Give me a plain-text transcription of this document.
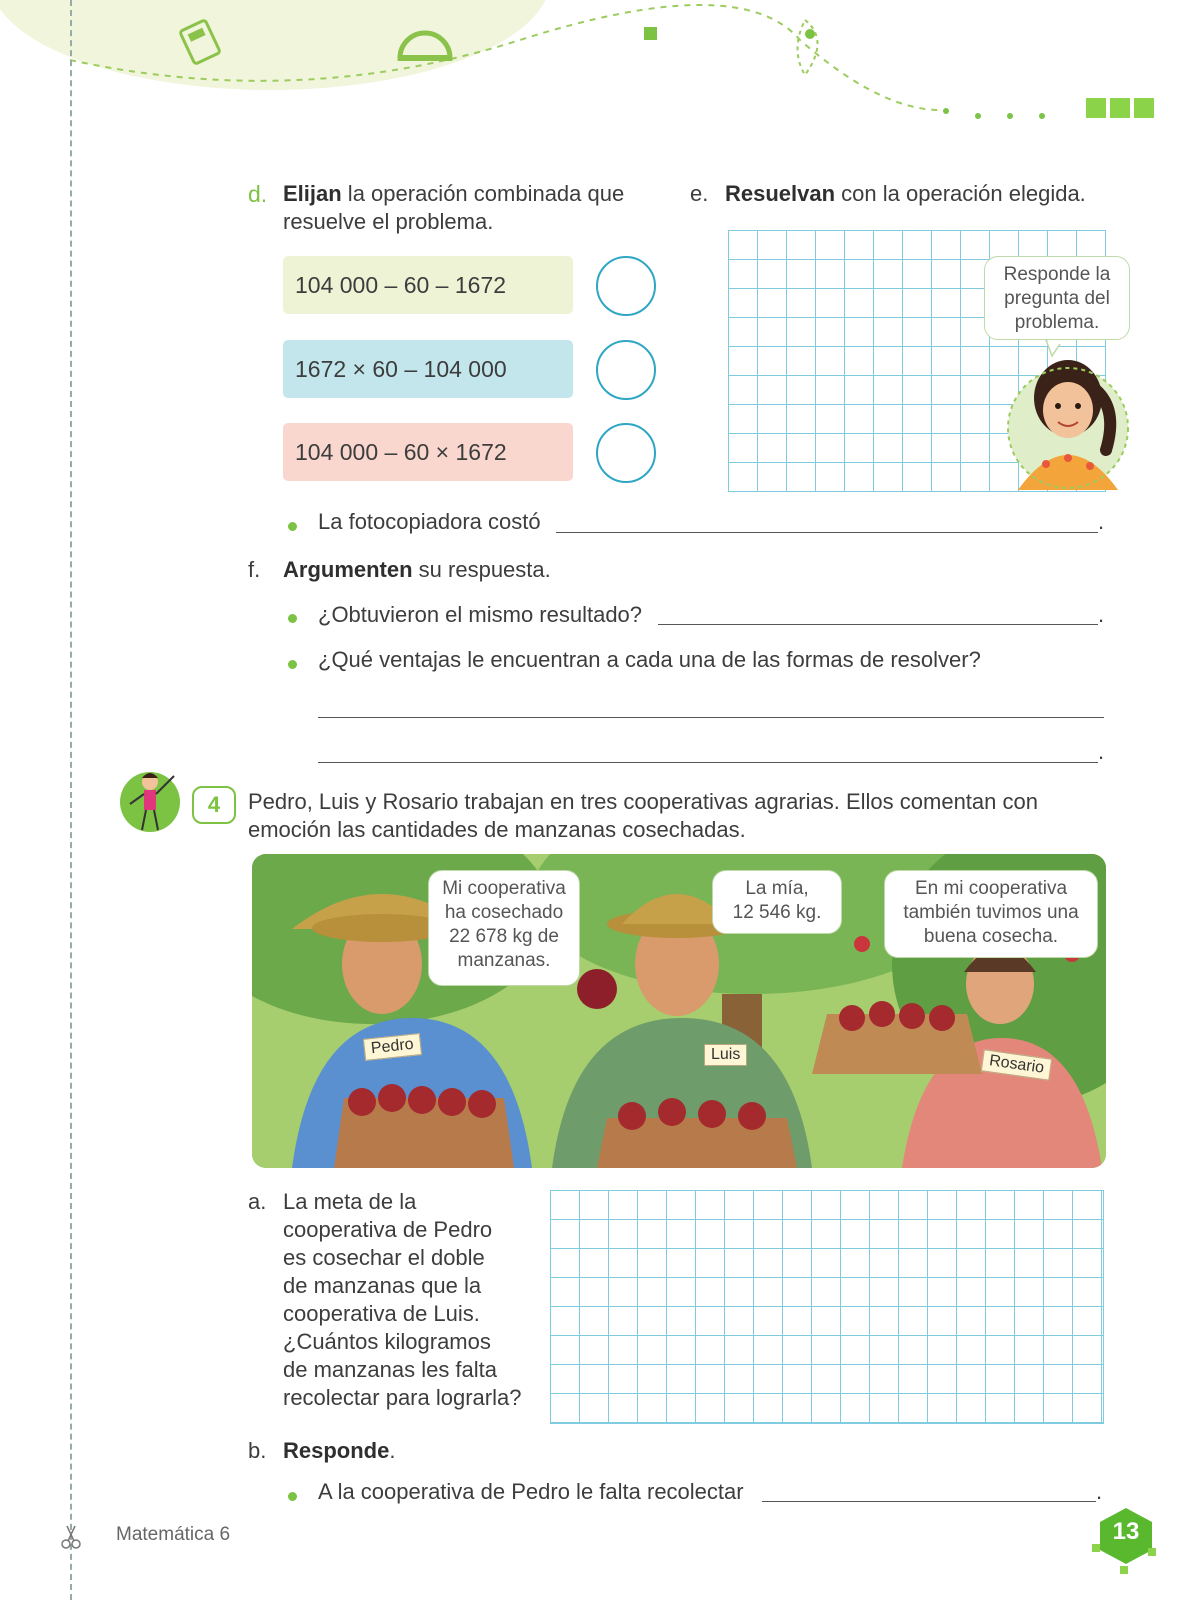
d. Elijan la operación combinada que
resuelve el problema.
104 000 – 60 – 1672
1672 × 60 – 104 000
104 000 – 60 × 1672
e. Resuelvan con la operación elegida.
Responde la
pregunta del
problema.
La fotocopiadora costó	.
f. Argumenten su respuesta.
¿Obtuvieron el mismo resultado?	.
¿Qué ventajas le encuentran a cada una de las formas de resolver?
.
4	Pedro, Luis y Rosario trabajan en tres cooperativas agrarias. Ellos comentan con
emoción las cantidades de manzanas cosechadas.
Pedro	Luis	Rosario
Mi cooperativa
ha cosechado
22 678 kg de
manzanas.
La mía,
12 546 kg.
En mi cooperativa
también tuvimos una
buena cosecha.
a. La meta de la
cooperativa de Pedro
es cosechar el doble
de manzanas que la
cooperativa de Luis.
¿Cuántos kilogramos
de manzanas les falta
recolectar para lograrla?
b. Responde.
A la cooperativa de Pedro le falta recolectar	.
Matemática 6	13
